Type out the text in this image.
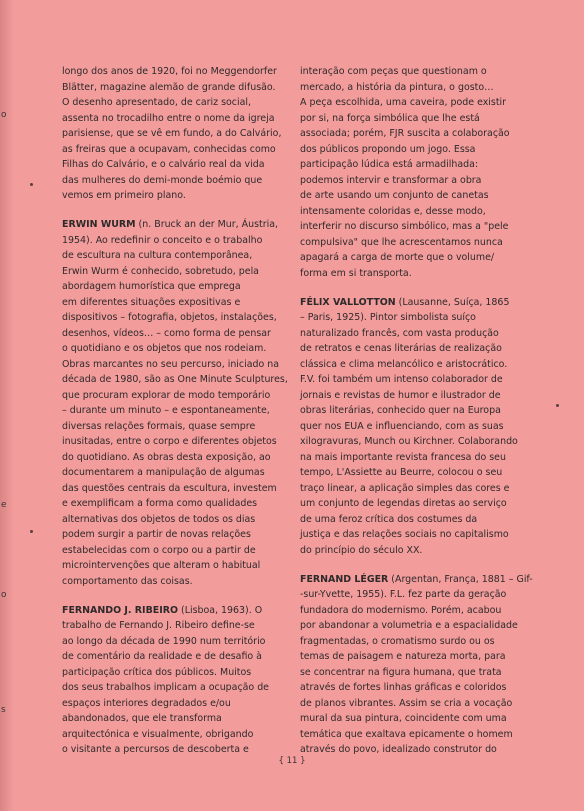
o
e
o
s

longo dos anos de 1920, foi no Meggendorfer
Blätter, magazine alemão de grande difusão.
O desenho apresentado, de cariz social,
assenta no trocadilho entre o nome da igreja
parisiense, que se vê em fundo, a do Calvário,
as freiras que a ocupavam, conhecidas como
Filhas do Calvário, e o calvário real da vida
das mulheres do demi-monde boémio que
vemos em primeiro plano.

ERWIN WURM (n. Bruck an der Mur, Áustria,
1954). Ao redefinir o conceito e o trabalho
de escultura na cultura contemporânea,
Erwin Wurm é conhecido, sobretudo, pela
abordagem humorística que emprega
em diferentes situações expositivas e
dispositivos – fotografia, objetos, instalações,
desenhos, vídeos… – como forma de pensar
o quotidiano e os objetos que nos rodeiam.
Obras marcantes no seu percurso, iniciado na
década de 1980, são as One Minute Sculptures,
que procuram explorar de modo temporário
– durante um minuto – e espontaneamente,
diversas relações formais, quase sempre
inusitadas, entre o corpo e diferentes objetos
do quotidiano. As obras desta exposição, ao
documentarem a manipulação de algumas
das questões centrais da escultura, investem
e exemplificam a forma como qualidades
alternativas dos objetos de todos os dias
podem surgir a partir de novas relações
estabelecidas com o corpo ou a partir de
microintervenções que alteram o habitual
comportamento das coisas.

FERNANDO J. RIBEIRO (Lisboa, 1963). O
trabalho de Fernando J. Ribeiro define-se
ao longo da década de 1990 num território
de comentário da realidade e de desafio à
participação crítica dos públicos. Muitos
dos seus trabalhos implicam a ocupação de
espaços interiores degradados e/ou
abandonados, que ele transforma
arquitectónica e visualmente, obrigando
o visitante a percursos de descoberta e

interação com peças que questionam o
mercado, a história da pintura, o gosto…
A peça escolhida, uma caveira, pode existir
por si, na força simbólica que lhe está
associada; porém, FJR suscita a colaboração
dos públicos propondo um jogo. Essa
participação lúdica está armadilhada:
podemos intervir e transformar a obra
de arte usando um conjunto de canetas
intensamente coloridas e, desse modo,
interferir no discurso simbólico, mas a "pele
compulsiva" que lhe acrescentamos nunca
apagará a carga de morte que o volume/
forma em si transporta.

FÉLIX VALLOTTON (Lausanne, Suíça, 1865
– Paris, 1925). Pintor simbolista suíço
naturalizado francês, com vasta produção
de retratos e cenas literárias de realização
clássica e clima melancólico e aristocrático.
F.V. foi também um intenso colaborador de
jornais e revistas de humor e ilustrador de
obras literárias, conhecido quer na Europa
quer nos EUA e influenciando, com as suas
xilogravuras, Munch ou Kirchner. Colaborando
na mais importante revista francesa do seu
tempo, L'Assiette au Beurre, colocou o seu
traço linear, a aplicação simples das cores e
um conjunto de legendas diretas ao serviço
de uma feroz crítica dos costumes da
justiça e das relações sociais no capitalismo
do princípio do século XX.

FERNAND LÉGER (Argentan, França, 1881 – Gif-
-sur-Yvette, 1955). F.L. fez parte da geração
fundadora do modernismo. Porém, acabou
por abandonar a volumetria e a espacialidade
fragmentadas, o cromatismo surdo ou os
temas de paisagem e natureza morta, para
se concentrar na figura humana, que trata
através de fortes linhas gráficas e coloridos
de planos vibrantes. Assim se cria a vocação
mural da sua pintura, coincidente com uma
temática que exaltava epicamente o homem
através do povo, idealizado construtor do

{ 11 }
